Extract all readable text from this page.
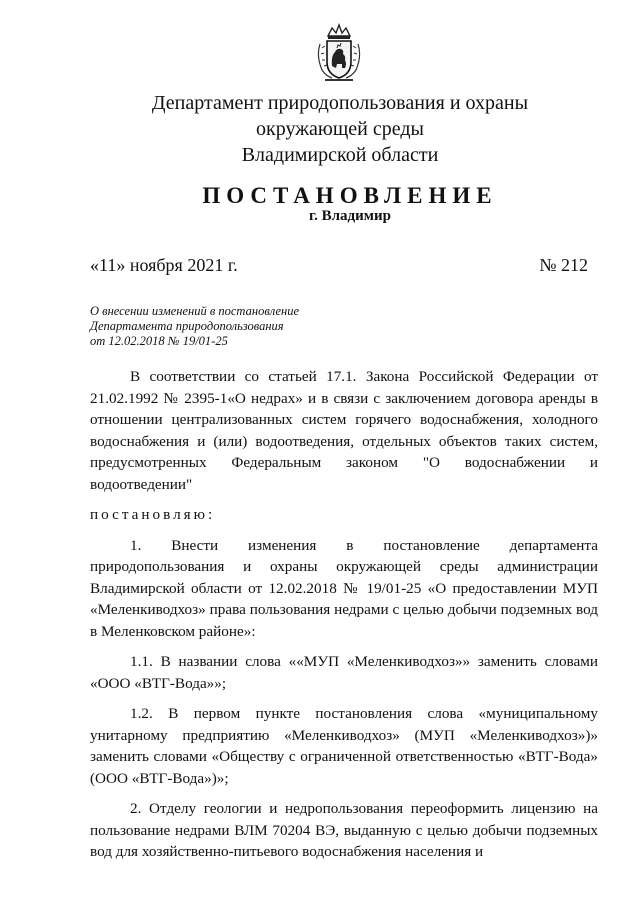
Департамент природопользования и охраны
окружающей среды
Владимирской области
ПОСТАНОВЛЕНИЕ
г. Владимир
«11» ноября 2021 г.	№ 212
О внесении изменений в постановление
Департамента природопользования
от 12.02.2018 № 19/01-25

В соответствии со статьей 17.1. Закона Российской Федерации от 21.02.1992 № 2395-1«О недрах» и в связи с заключением договора аренды в отношении централизованных систем горячего водоснабжения, холодного водоснабжения и (или) водоотведения, отдельных объектов таких систем, предусмотренных Федеральным законом "О водоснабжении и водоотведении"

постановляю:

1. Внести изменения в постановление департамента природопользования и охраны окружающей среды администрации Владимирской области от 12.02.2018 № 19/01-25 «О предоставлении МУП «Меленкиводхоз» права пользования недрами с целью добычи подземных вод в Меленковском районе»:

1.1. В названии слова ««МУП «Меленкиводхоз»» заменить словами «ООО «ВТГ-Вода»»;

1.2. В первом пункте постановления слова «муниципальному унитарному предприятию «Меленкиводхоз» (МУП «Меленкиводхоз»)» заменить словами «Обществу с ограниченной ответственностью «ВТГ-Вода» (ООО «ВТГ-Вода»)»;

2. Отделу геологии и недропользования переоформить лицензию на пользование недрами ВЛМ 70204 ВЭ, выданную с целью добычи подземных вод для хозяйственно-питьевого водоснабжения населения и
